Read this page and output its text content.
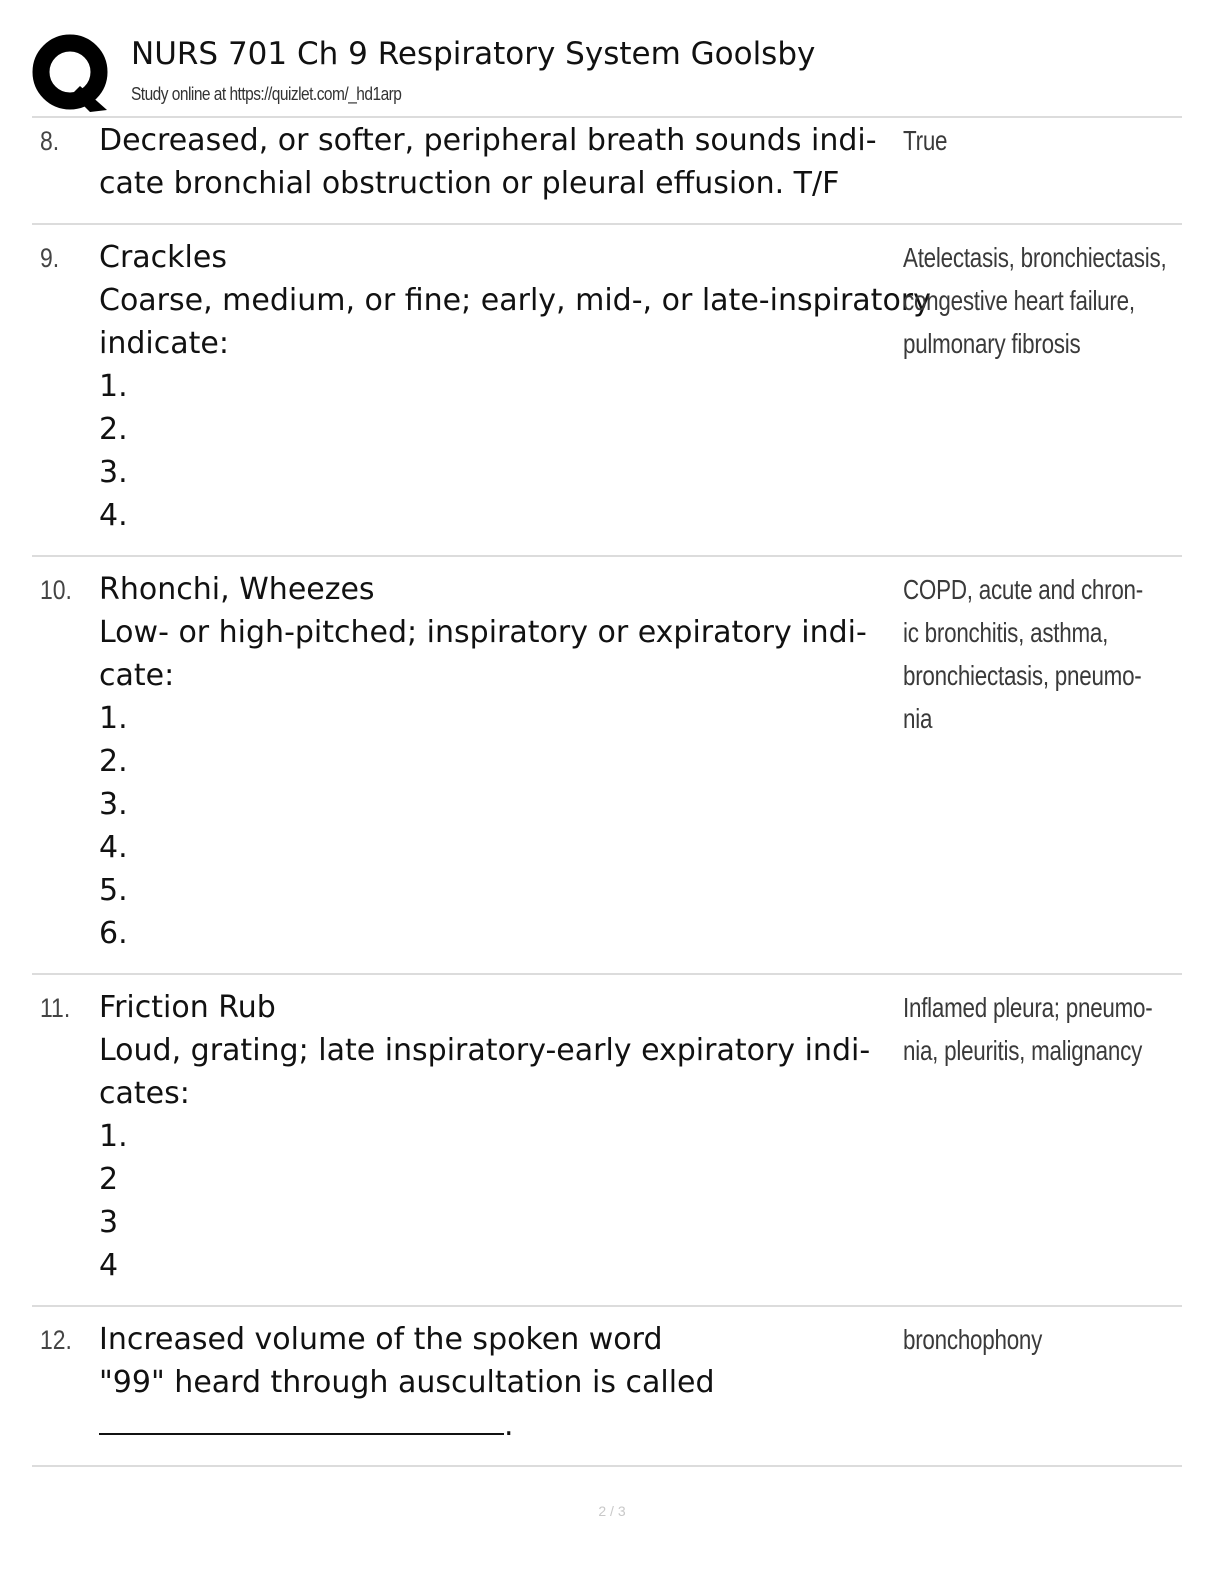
NURS 701 Ch 9 Respiratory System Goolsby
Study online at https://quizlet.com/_hd1arp
8. Decreased, or softer, peripheral breath sounds indi-
cate bronchial obstruction or pleural effusion. T/F
True
9. Crackles
Coarse, medium, or fine; early, mid-, or late-inspiratory
indicate:
1.
2.
3.
4.
Atelectasis, bronchiectasis,
congestive heart failure,
pulmonary fibrosis
10. Rhonchi, Wheezes
Low- or high-pitched; inspiratory or expiratory indi-
cate:
1.
2.
3.
4.
5.
6.
COPD, acute and chron-
ic bronchitis, asthma,
bronchiectasis, pneumo-
nia
11. Friction Rub
Loud, grating; late inspiratory-early expiratory indi-
cates:
1.
2
3
4
Inflamed pleura; pneumo-
nia, pleuritis, malignancy
12. Increased volume of the spoken word
"99" heard through auscultation is called
.
bronchophony
2 / 3
